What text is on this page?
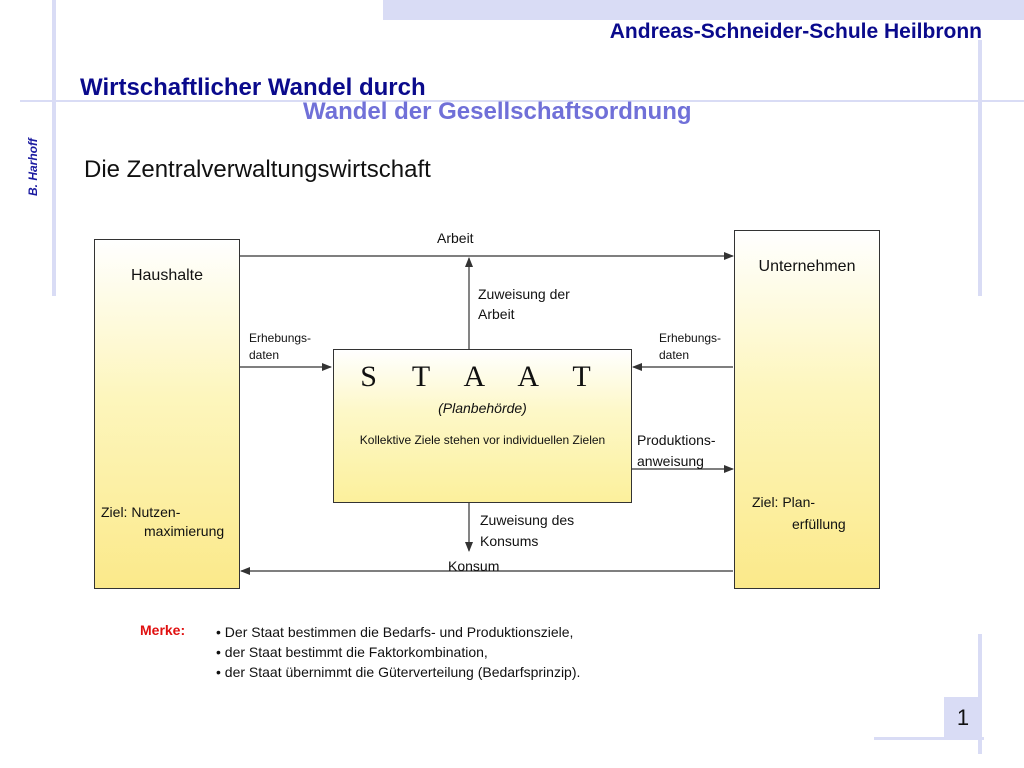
Andreas-Schneider-Schule Heilbronn
Wirtschaftlicher Wandel durch
Wandel der Gesellschaftsordnung
B. Harhoff Die Zentralverwaltungswirtschaft
Haushalte
Ziel: Nutzen-
maximierung
Unternehmen
Ziel: Plan-
erfüllung
S T A A T
(Planbehörde)
Kollektive Ziele stehen vor individuellen Zielen
Arbeit
Konsum
Zuweisung der
Arbeit
Zuweisung des
Konsums
Erhebungs-
daten
Erhebungs-
daten
Produktions-
anweisung
Merke: • Der Staat bestimmen die Bedarfs- und Produktionsziele,
• der Staat bestimmt die Faktorkombination,
• der Staat übernimmt die Güterverteilung (Bedarfsprinzip).
1
